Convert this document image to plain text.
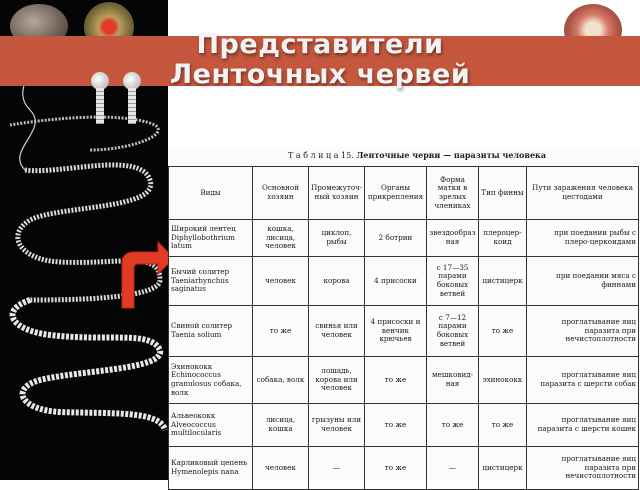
Представители
Ленточных червей
Т а б л и ц а 15. Ленточные черви — паразиты человека
Виды	Основной хозяин	Промежуточ-ный хозяин	Органы прикрепления	Форма матки в зрелых члениках	Тип финны	Пути заражения человека цестодами
Широкий лентец Diphyllobothrium latum	кошка, лисица, человек	циклоп, рыбы	2 ботрии	звездообраз ная	плероцер-коид	при поедании рыбы с плеро-церкоидами
Бычий солитер Taeniarhynchus saginatus	человек	корова	4 присоски	с 17—35 парами боковых ветвей	цистицерк	при поедании мяса с финнами
Свиной солитер Taenia solium	то же	свинья или человек	4 присоски и венчик крючьев	с 7—12 парами боковых ветвей	то же	проглатывание яиц паразита при нечистоплотности
Эхинококк Echinococcus granulosus собака, волк	собака, волк	лошадь, корова или человек	то же	мешковид-ная	эхинококк	проглатывание яиц паразита с шерсти собак
Альвеококк Alveococcus multilocularis	лисица, кошка	грызуны или человек	то же	то же	то же	проглатывание яиц паразита с шерсти кошек
Карликовый цепень Hymenolepis nana	человек	—	то же	—	цистицерк	проглатывание яиц паразита при нечистоплотности
